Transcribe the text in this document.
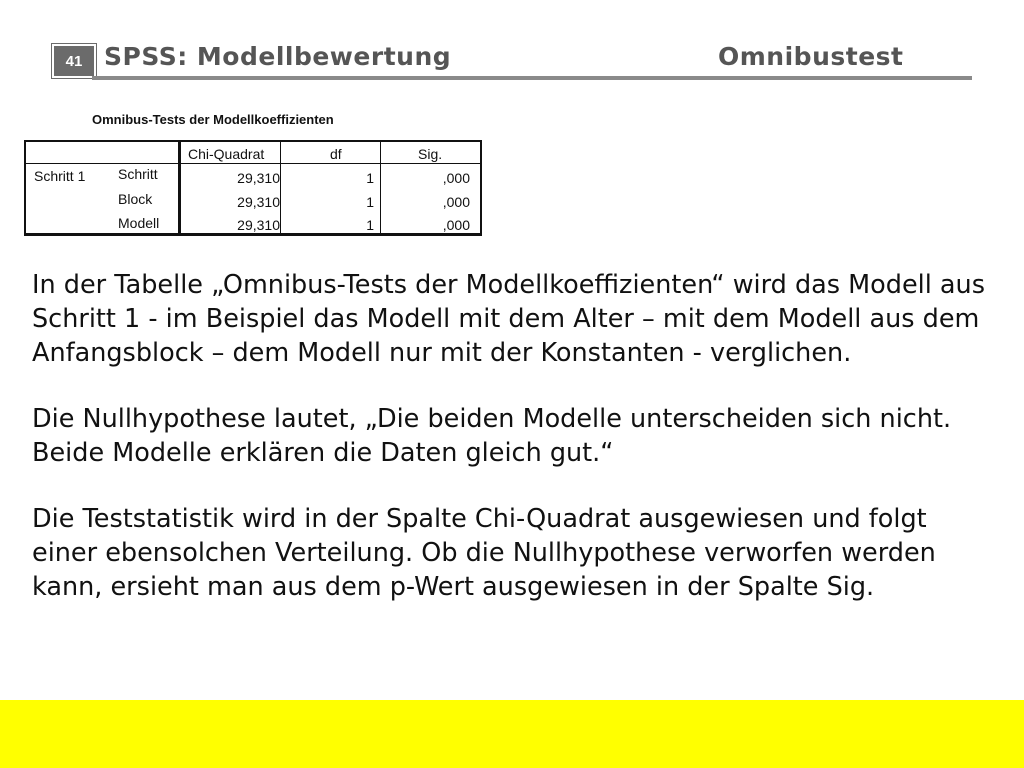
41 SPSS: Modellbewertung	Omnibustest
Omnibus-Tests der Modellkoeffizienten
Chi-Quadrat	df	Sig.
Schritt 1 Schritt	29,310	1	,000
Block	29,310	1	,000
Modell	29,310	1	,000

In der Tabelle „Omnibus-Tests der Modellkoeffizienten“ wird das Modell aus Schritt 1 - im Beispiel das Modell mit dem Alter – mit dem Modell aus dem Anfangsblock – dem Modell nur mit der Konstanten - verglichen.

Die Nullhypothese lautet, „Die beiden Modelle unterscheiden sich nicht. Beide Modelle erklären die Daten gleich gut.“

Die Teststatistik wird in der Spalte Chi-Quadrat ausgewiesen und folgt einer ebensolchen Verteilung. Ob die Nullhypothese verworfen werden kann, ersieht man aus dem p-Wert ausgewiesen in der Spalte Sig.
